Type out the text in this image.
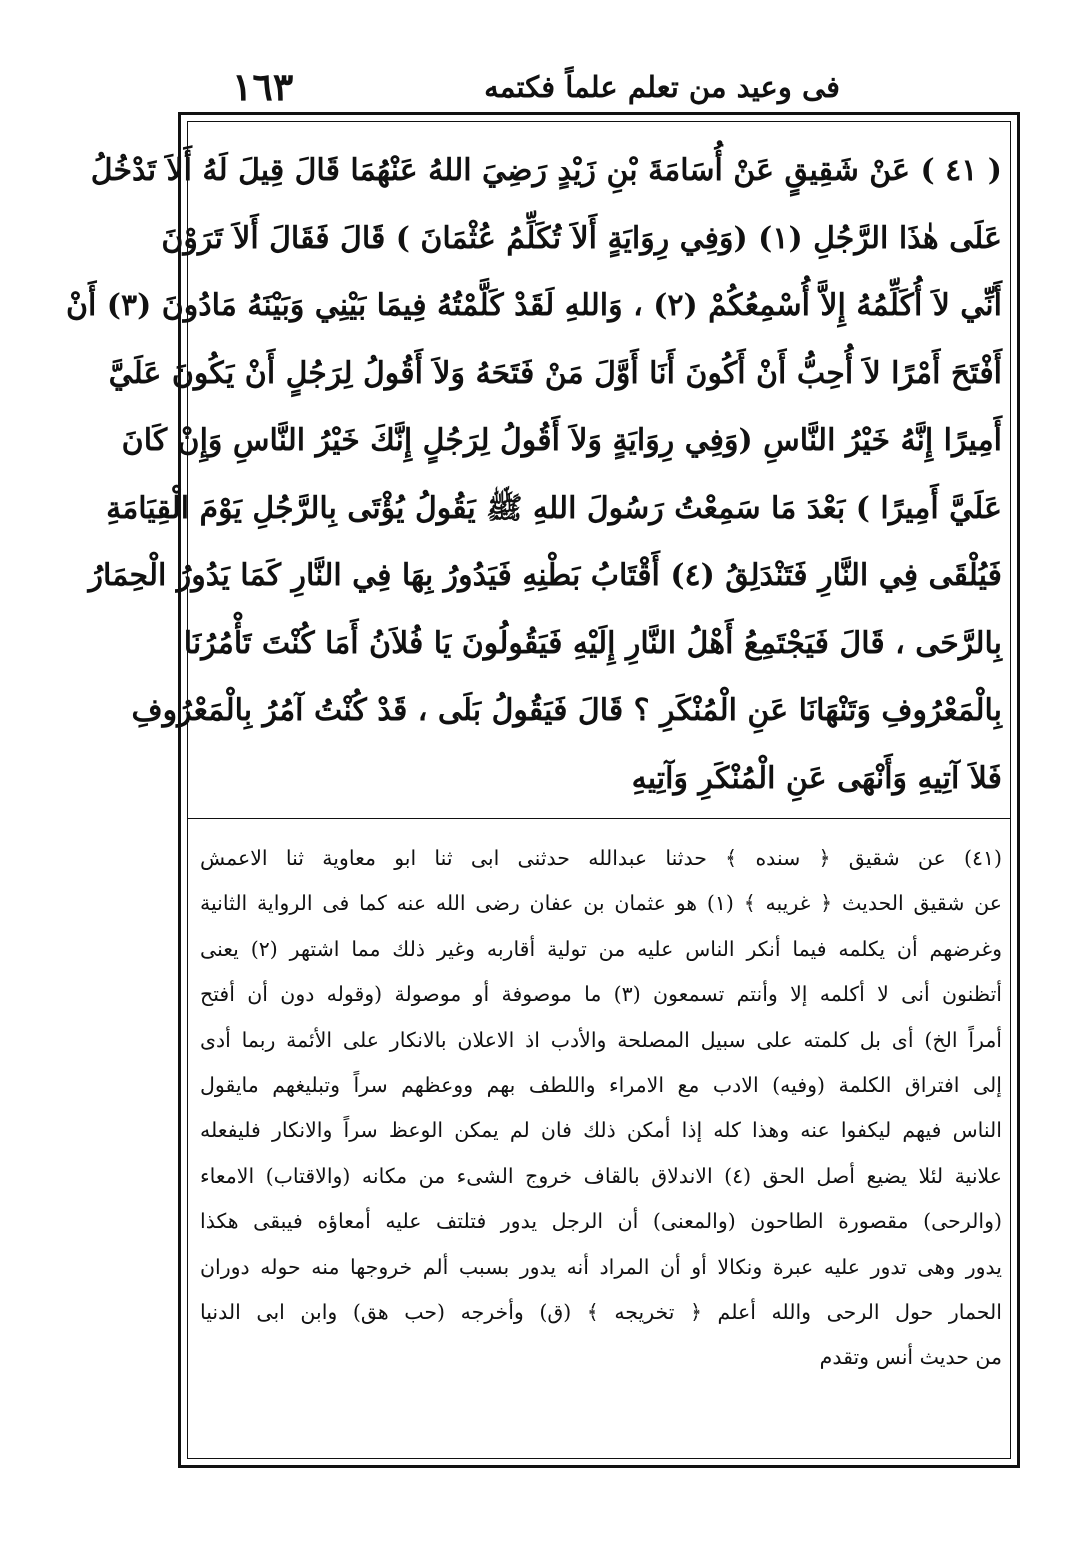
فى وعيد من تعلم علماً فكتمه
١٦٣
( ٤١ ) عَنْ شَقِيقٍ عَنْ أُسَامَةَ بْنِ زَيْدٍ رَضِيَ اللهُ عَنْهُمَا قَالَ قِيلَ لَهُ أَلاَ تَدْخُلُ
عَلَى هٰذَا الرَّجُلِ (١) (وَفِي رِوَايَةٍ أَلاَ تُكَلِّمُ عُثْمَانَ ) قَالَ فَقَالَ أَلاَ تَرَوْنَ
أَنِّي لاَ أُكَلِّمُهُ إِلاَّ أُسْمِعُكُمْ (٢) ، وَاللهِ لَقَدْ كَلَّمْتُهُ فِيمَا بَيْنِي وَبَيْنَهُ مَادُونَ (٣) أَنْ
أَفْتَحَ أَمْرًا لاَ أُحِبُّ أَنْ أَكُونَ أَنَا أَوَّلَ مَنْ فَتَحَهُ وَلاَ أَقُولُ لِرَجُلٍ أَنْ يَكُونَ عَلَيَّ
أَمِيرًا إِنَّهُ خَيْرُ النَّاسِ (وَفِي رِوَايَةٍ وَلاَ أَقُولُ لِرَجُلٍ إِنَّكَ خَيْرُ النَّاسِ وَإِنْ كَانَ
عَلَيَّ أَمِيرًا ) بَعْدَ مَا سَمِعْتُ رَسُولَ اللهِ ﷺ يَقُولُ يُؤْتَى بِالرَّجُلِ يَوْمَ الْقِيَامَةِ
فَيُلْقَى فِي النَّارِ فَتَنْدَلِقُ (٤) أَقْتَابُ بَطْنِهِ فَيَدُورُ بِهَا فِي النَّارِ كَمَا يَدُورُ الْحِمَارُ
بِالرَّحَى ، قَالَ فَيَجْتَمِعُ أَهْلُ النَّارِ إِلَيْهِ فَيَقُولُونَ يَا فُلاَنُ أَمَا كُنْتَ تَأْمُرُنَا
بِالْمَعْرُوفِ وَتَنْهَانَا عَنِ الْمُنْكَرِ ؟ قَالَ فَيَقُولُ بَلَى ، قَدْ كُنْتُ آمُرُ بِالْمَعْرُوفِ
فَلاَ آتِيهِ وَأَنْهَى عَنِ الْمُنْكَرِ وَآتِيهِ
(٤١) عن شقيق ﴿ سنده ﴾ حدثنا عبدالله حدثنى ابى ثنا ابو معاوية ثنا الاعمش
عن شقيق الحديث ﴿ غريبه ﴾ (١) هو عثمان بن عفان رضى الله عنه كما فى الرواية الثانية
وغرضهم أن يكلمه فيما أنكر الناس عليه من تولية أقاربه وغير ذلك مما اشتهر (٢) يعنى
أتظنون أنى لا أكلمه إلا وأنتم تسمعون (٣) ما موصوفة أو موصولة (وقوله دون أن أفتح
أمراً الخ) أى بل كلمته على سبيل المصلحة والأدب اذ الاعلان بالانكار على الأئمة ربما أدى
إلى افتراق الكلمة (وفيه) الادب مع الامراء واللطف بهم ووعظهم سراً وتبليغهم مايقول
الناس فيهم ليكفوا عنه وهذا كله إذا أمكن ذلك فان لم يمكن الوعظ سراً والانكار فليفعله
علانية لئلا يضيع أصل الحق (٤) الاندلاق بالقاف خروج الشىء من مكانه (والاقتاب) الامعاء
(والرحى) مقصورة الطاحون (والمعنى) أن الرجل يدور فتلتف عليه أمعاؤه فيبقى هكذا
يدور وهى تدور عليه عبرة ونكالا أو أن المراد أنه يدور بسبب ألم خروجها منه حوله دوران
الحمار حول الرحى والله أعلم ﴿ تخريجه ﴾ (ق) وأخرجه (حب هق) وابن ابى الدنيا
من حديث أنس وتقدم
